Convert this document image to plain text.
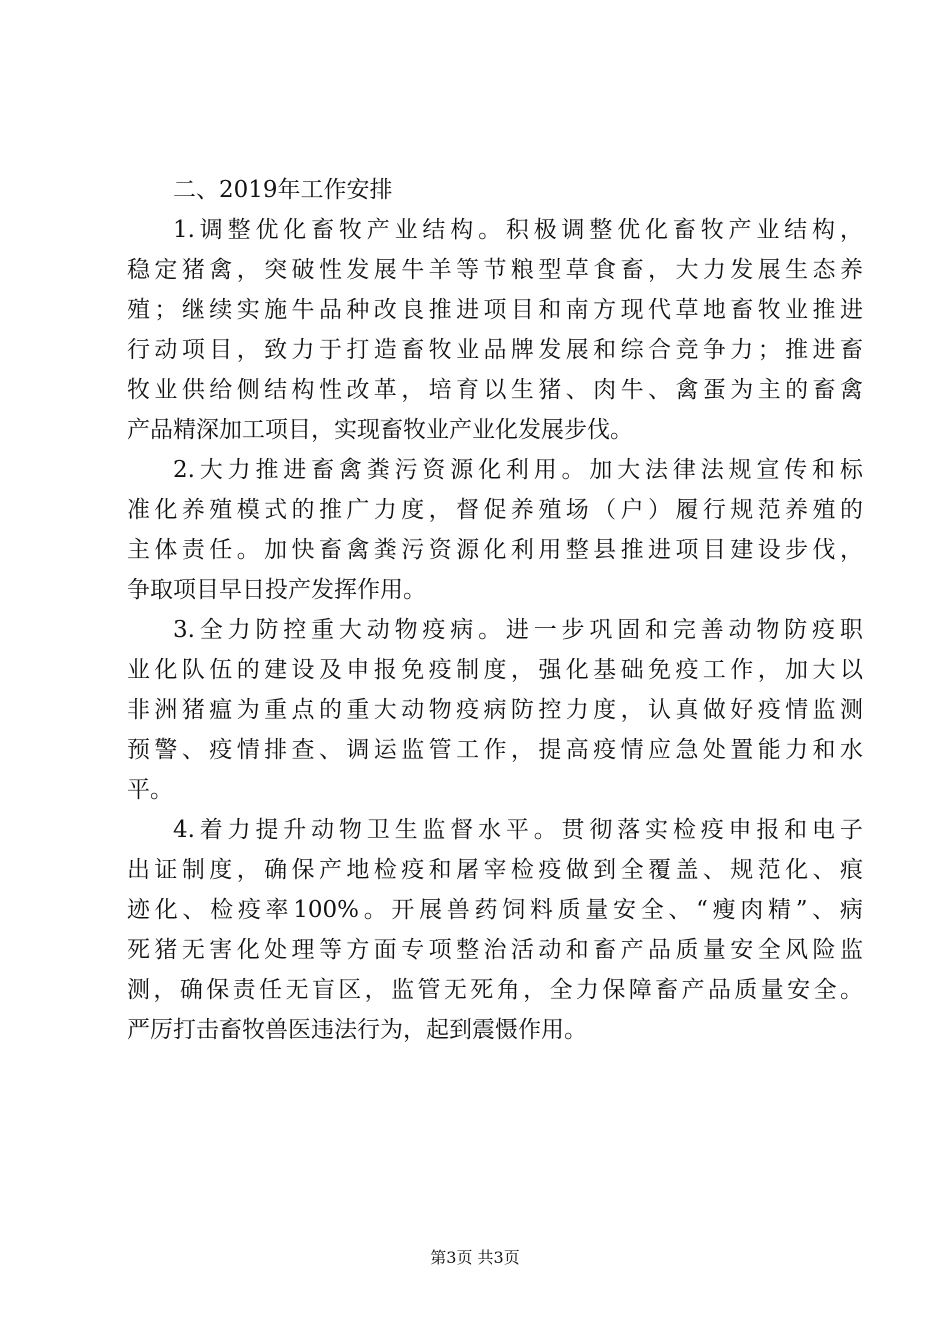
二、2019年工作安排
1. 调 整 优 化 畜 牧 产 业 结 构 。 积 极 调 整 优 化 畜 牧 产 业 结 构 ，
稳 定 猪 禽 ， 突 破 性 发 展 牛 羊 等 节 粮 型 草 食 畜 ， 大 力 发 展 生 态 养
殖 ； 继 续 实 施 牛 品 种 改 良 推 进 项 目 和 南 方 现 代 草 地 畜 牧 业 推 进
行 动 项 目 ， 致 力 于 打 造 畜 牧 业 品 牌 发 展 和 综 合 竞 争 力 ； 推 进 畜
牧 业 供 给 侧 结 构 性 改 革 ， 培 育 以 生 猪 、 肉 牛 、 禽 蛋 为 主 的 畜 禽
产品精深加工项目，实现畜牧业产业化发展步伐。
2. 大 力 推 进 畜 禽 粪 污 资 源 化 利 用 。 加 大 法 律 法 规 宣 传 和 标
准 化 养 殖 模 式 的 推 广 力 度 ， 督 促 养 殖 场 （ 户 ） 履 行 规 范 养 殖 的
主 体 责 任 。 加 快 畜 禽 粪 污 资 源 化 利 用 整 县 推 进 项 目 建 设 步 伐 ，
争取项目早日投产发挥作用。
3. 全 力 防 控 重 大 动 物 疫 病 。 进 一 步 巩 固 和 完 善 动 物 防 疫 职
业 化 队 伍 的 建 设 及 申 报 免 疫 制 度 ， 强 化 基 础 免 疫 工 作 ， 加 大 以
非 洲 猪 瘟 为 重 点 的 重 大 动 物 疫 病 防 控 力 度 ， 认 真 做 好 疫 情 监 测
预 警 、 疫 情 排 查 、 调 运 监 管 工 作 ， 提 高 疫 情 应 急 处 置 能 力 和 水
平。
4. 着 力 提 升 动 物 卫 生 监 督 水 平 。 贯 彻 落 实 检 疫 申 报 和 电 子
出 证 制 度 ， 确 保 产 地 检 疫 和 屠 宰 检 疫 做 到 全 覆 盖 、 规 范 化 、 痕
迹 化 、 检 疫 率 100% 。 开 展 兽 药 饲 料 质 量 安 全 、 “ 瘦 肉 精 ” 、 病
死 猪 无 害 化 处 理 等 方 面 专 项 整 治 活 动 和 畜 产 品 质 量 安 全 风 险 监
测 ， 确 保 责 任 无 盲 区 ， 监 管 无 死 角 ， 全 力 保 障 畜 产 品 质 量 安 全 。
严厉打击畜牧兽医违法行为，起到震慑作用。
第3页 共3页
